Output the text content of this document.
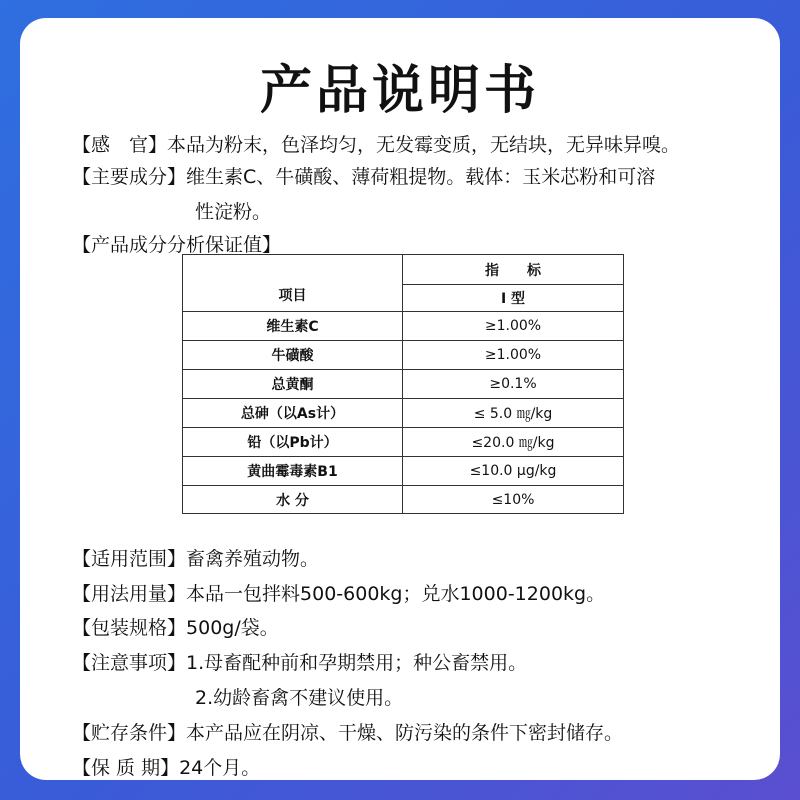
产品说明书
【感　官】本品为粉末，色泽均匀，无发霉变质，无结块，无异味异嗅。
【主要成分】维生素C、牛磺酸、薄荷粗提物。载体：玉米芯粉和可溶
性淀粉。
【产品成分分析保证值】
项目	指　　标
	I 型
维生素C	≥1.00%
牛磺酸	≥1.00%
总黄酮	≥0.1%
总砷（以As计）	≤ 5.0 ㎎/kg
铅（以Pb计）	≤20.0 ㎎/kg
黄曲霉毒素B1	≤10.0 μg/kg
水 分	≤10%
【适用范围】畜禽养殖动物。
【用法用量】本品一包拌料500-600kg；兑水1000-1200kg。
【包装规格】500g/袋。
【注意事项】1.母畜配种前和孕期禁用；种公畜禁用。
2.幼龄畜禽不建议使用。
【贮存条件】本产品应在阴凉、干燥、防污染的条件下密封储存。
【保 质 期】24个月。
